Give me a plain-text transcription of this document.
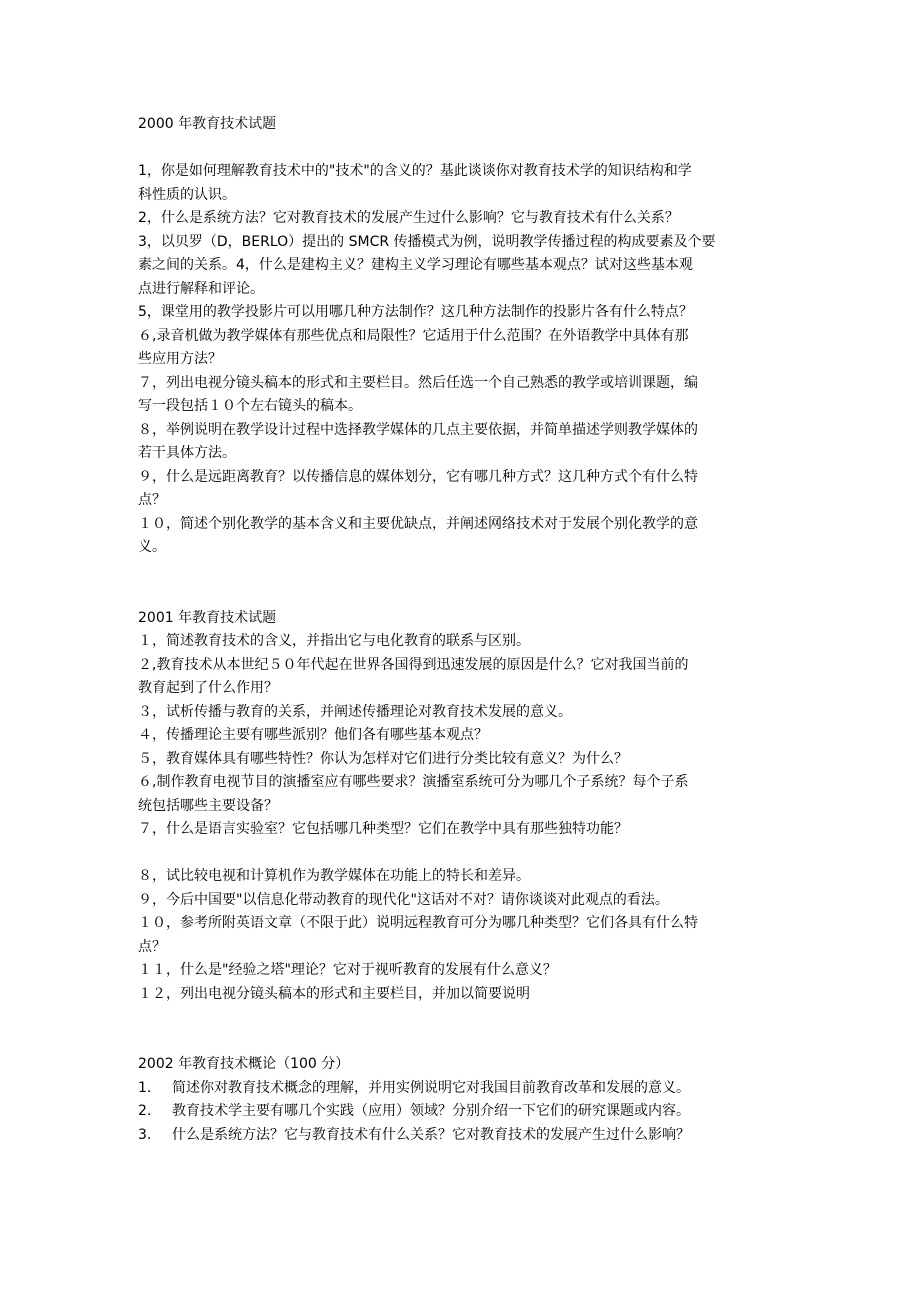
2000 年教育技术试题

1，你是如何理解教育技术中的"技术"的含义的？基此谈谈你对教育技术学的知识结构和学

科性质的认识。

2，什么是系统方法？它对教育技术的发展产生过什么影响？它与教育技术有什么关系？

3，以贝罗（D，BERLO）提出的 SMCR 传播模式为例，说明教学传播过程的构成要素及个要

素之间的关系。4，什么是建构主义？建构主义学习理论有哪些基本观点？试对这些基本观

点进行解释和评论。

5，课堂用的教学投影片可以用哪几种方法制作？这几种方法制作的投影片各有什么特点？

６,录音机做为教学媒体有那些优点和局限性？它适用于什么范围？在外语教学中具体有那

些应用方法？

７，列出电视分镜头稿本的形式和主要栏目。然后任选一个自己熟悉的教学或培训课题，编

写一段包括１０个左右镜头的稿本。

８，举例说明在教学设计过程中选择教学媒体的几点主要依据，并简单描述学则教学媒体的

若干具体方法。

９，什么是远距离教育？以传播信息的媒体划分，它有哪几种方式？这几种方式个有什么特

点？

１０，简述个别化教学的基本含义和主要优缺点，并阐述网络技术对于发展个别化教学的意

义。

2001 年教育技术试题

１，简述教育技术的含义，并指出它与电化教育的联系与区别。

２,教育技术从本世纪５０年代起在世界各国得到迅速发展的原因是什么？它对我国当前的

教育起到了什么作用？

３，试析传播与教育的关系，并阐述传播理论对教育技术发展的意义。

４，传播理论主要有哪些派别？他们各有哪些基本观点？

５，教育媒体具有哪些特性？你认为怎样对它们进行分类比较有意义？为什么？

６,制作教育电视节目的演播室应有哪些要求？演播室系统可分为哪几个子系统？每个子系

统包括哪些主要设备？

７，什么是语言实验室？它包括哪几种类型？它们在教学中具有那些独特功能？

８，试比较电视和计算机作为教学媒体在功能上的特长和差异。

９，今后中国要"以信息化带动教育的现代化"这话对不对？请你谈谈对此观点的看法。

１０，参考所附英语文章（不限于此）说明远程教育可分为哪几种类型？它们各具有什么特

点？

１１，什么是"经验之塔"理论？它对于视听教育的发展有什么意义？

１２，列出电视分镜头稿本的形式和主要栏目，并加以简要说明

2002 年教育技术概论（100 分）

1.	简述你对教育技术概念的理解，并用实例说明它对我国目前教育改革和发展的意义。
2.	教育技术学主要有哪几个实践（应用）领域？分别介绍一下它们的研究课题或内容。
3.	什么是系统方法？它与教育技术有什么关系？它对教育技术的发展产生过什么影响？
